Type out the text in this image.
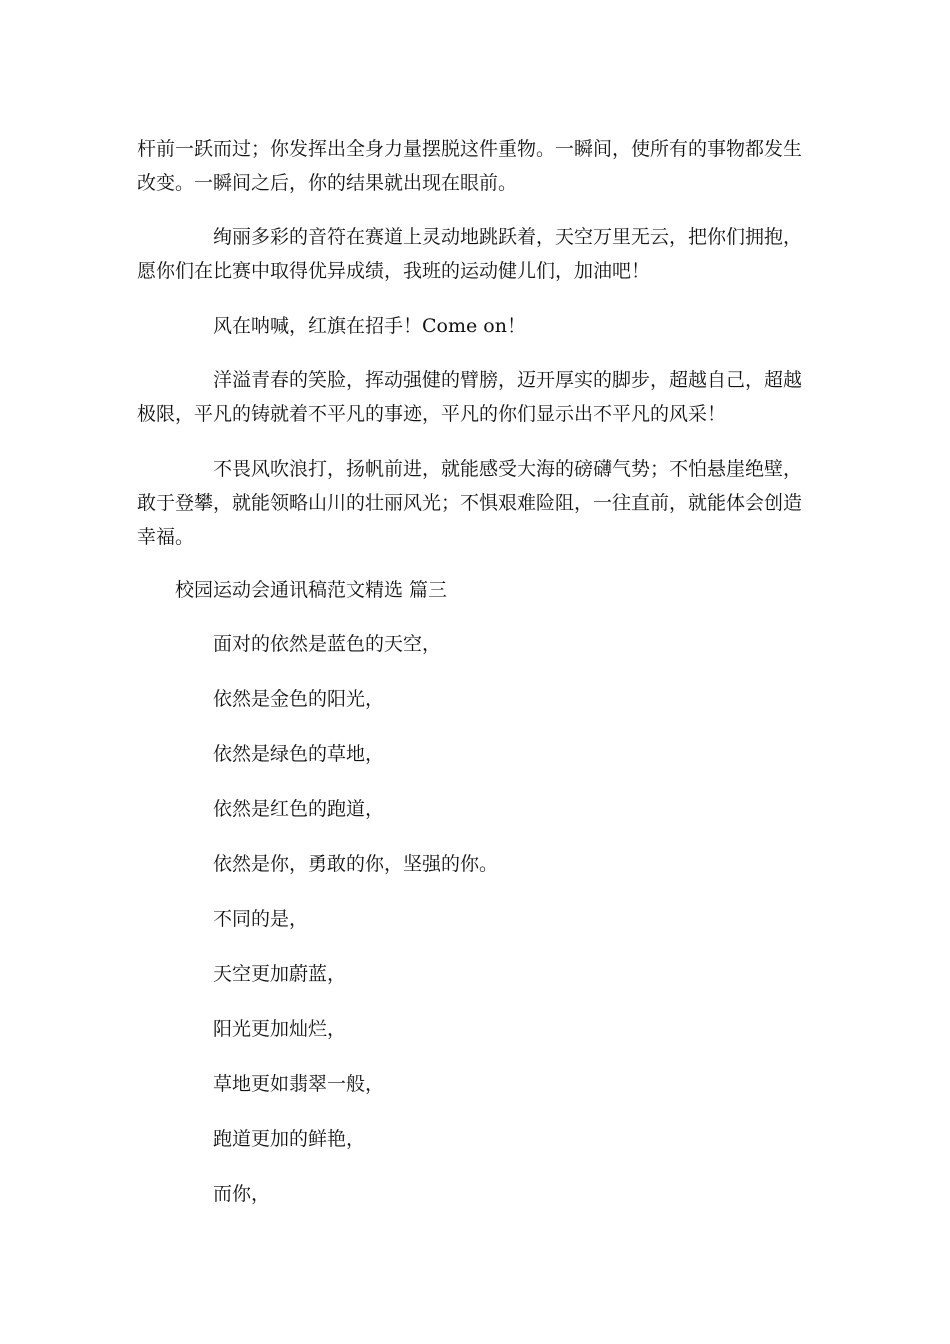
杆前一跃而过；你发挥出全身力量摆脱这件重物。一瞬间，使所有的事物都发生改变。一瞬间之后，你的结果就出现在眼前。

绚丽多彩的音符在赛道上灵动地跳跃着，天空万里无云，把你们拥抱，愿你们在比赛中取得优异成绩，我班的运动健儿们，加油吧！

风在呐喊，红旗在招手！Come on！

洋溢青春的笑脸，挥动强健的臂膀，迈开厚实的脚步，超越自己，超越极限，平凡的铸就着不平凡的事迹，平凡的你们显示出不平凡的风采！

不畏风吹浪打，扬帆前进，就能感受大海的磅礴气势；不怕悬崖绝壁，敢于登攀，就能领略山川的壮丽风光；不惧艰难险阻，一往直前，就能体会创造幸福。

校园运动会通讯稿范文精选 篇三

面对的依然是蓝色的天空，

依然是金色的阳光，

依然是绿色的草地，

依然是红色的跑道，

依然是你，勇敢的你，坚强的你。

不同的是，

天空更加蔚蓝，

阳光更加灿烂，

草地更如翡翠一般，

跑道更加的鲜艳，

而你，
